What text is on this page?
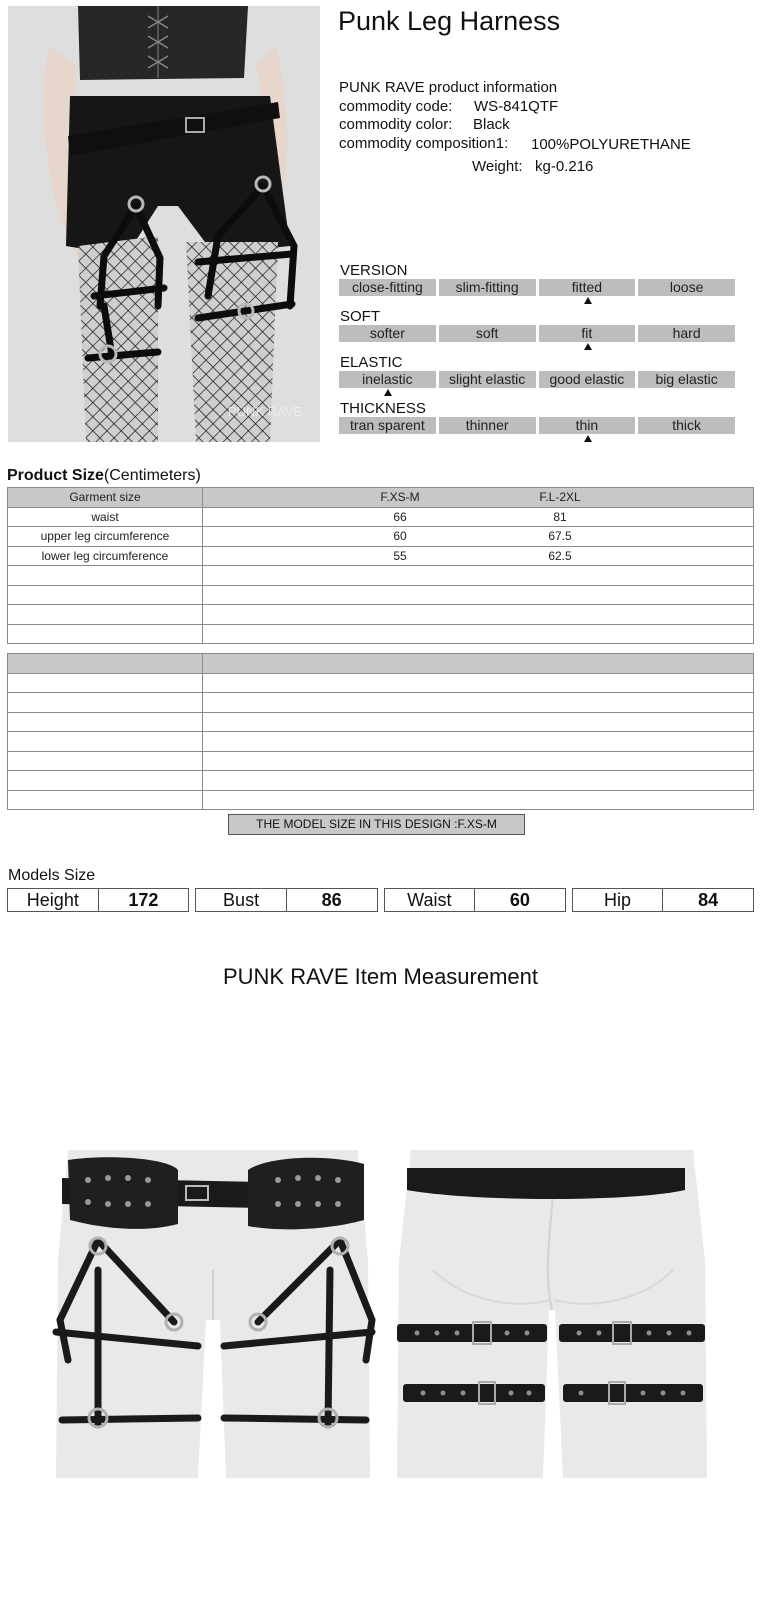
PUNK RAVE
Punk Leg Harness
PUNK RAVE product information
commodity code: WS-841QTF
commodity color: Black
commodity composition1: 100%POLYURETHANE
Weight: kg-0.216
VERSION
close-fitting	slim-fitting	fitted	loose
SOFT
softer	soft	fit	hard
ELASTIC
inelastic	slight elastic	good elastic	big elastic
THICKNESS
tran sparent	thinner	thin	thick
Product Size(Centimeters)
Garment size	F.XS-M F.L-2XL

waist	66 81

upper leg circumference	60 67.5

lower leg circumference	55 62.5

THE MODEL SIZE IN THIS DESIGN :F.XS-M
Models Size
Height	172	Bust	86	Waist	60	Hip	84
PUNK RAVE Item Measurement
